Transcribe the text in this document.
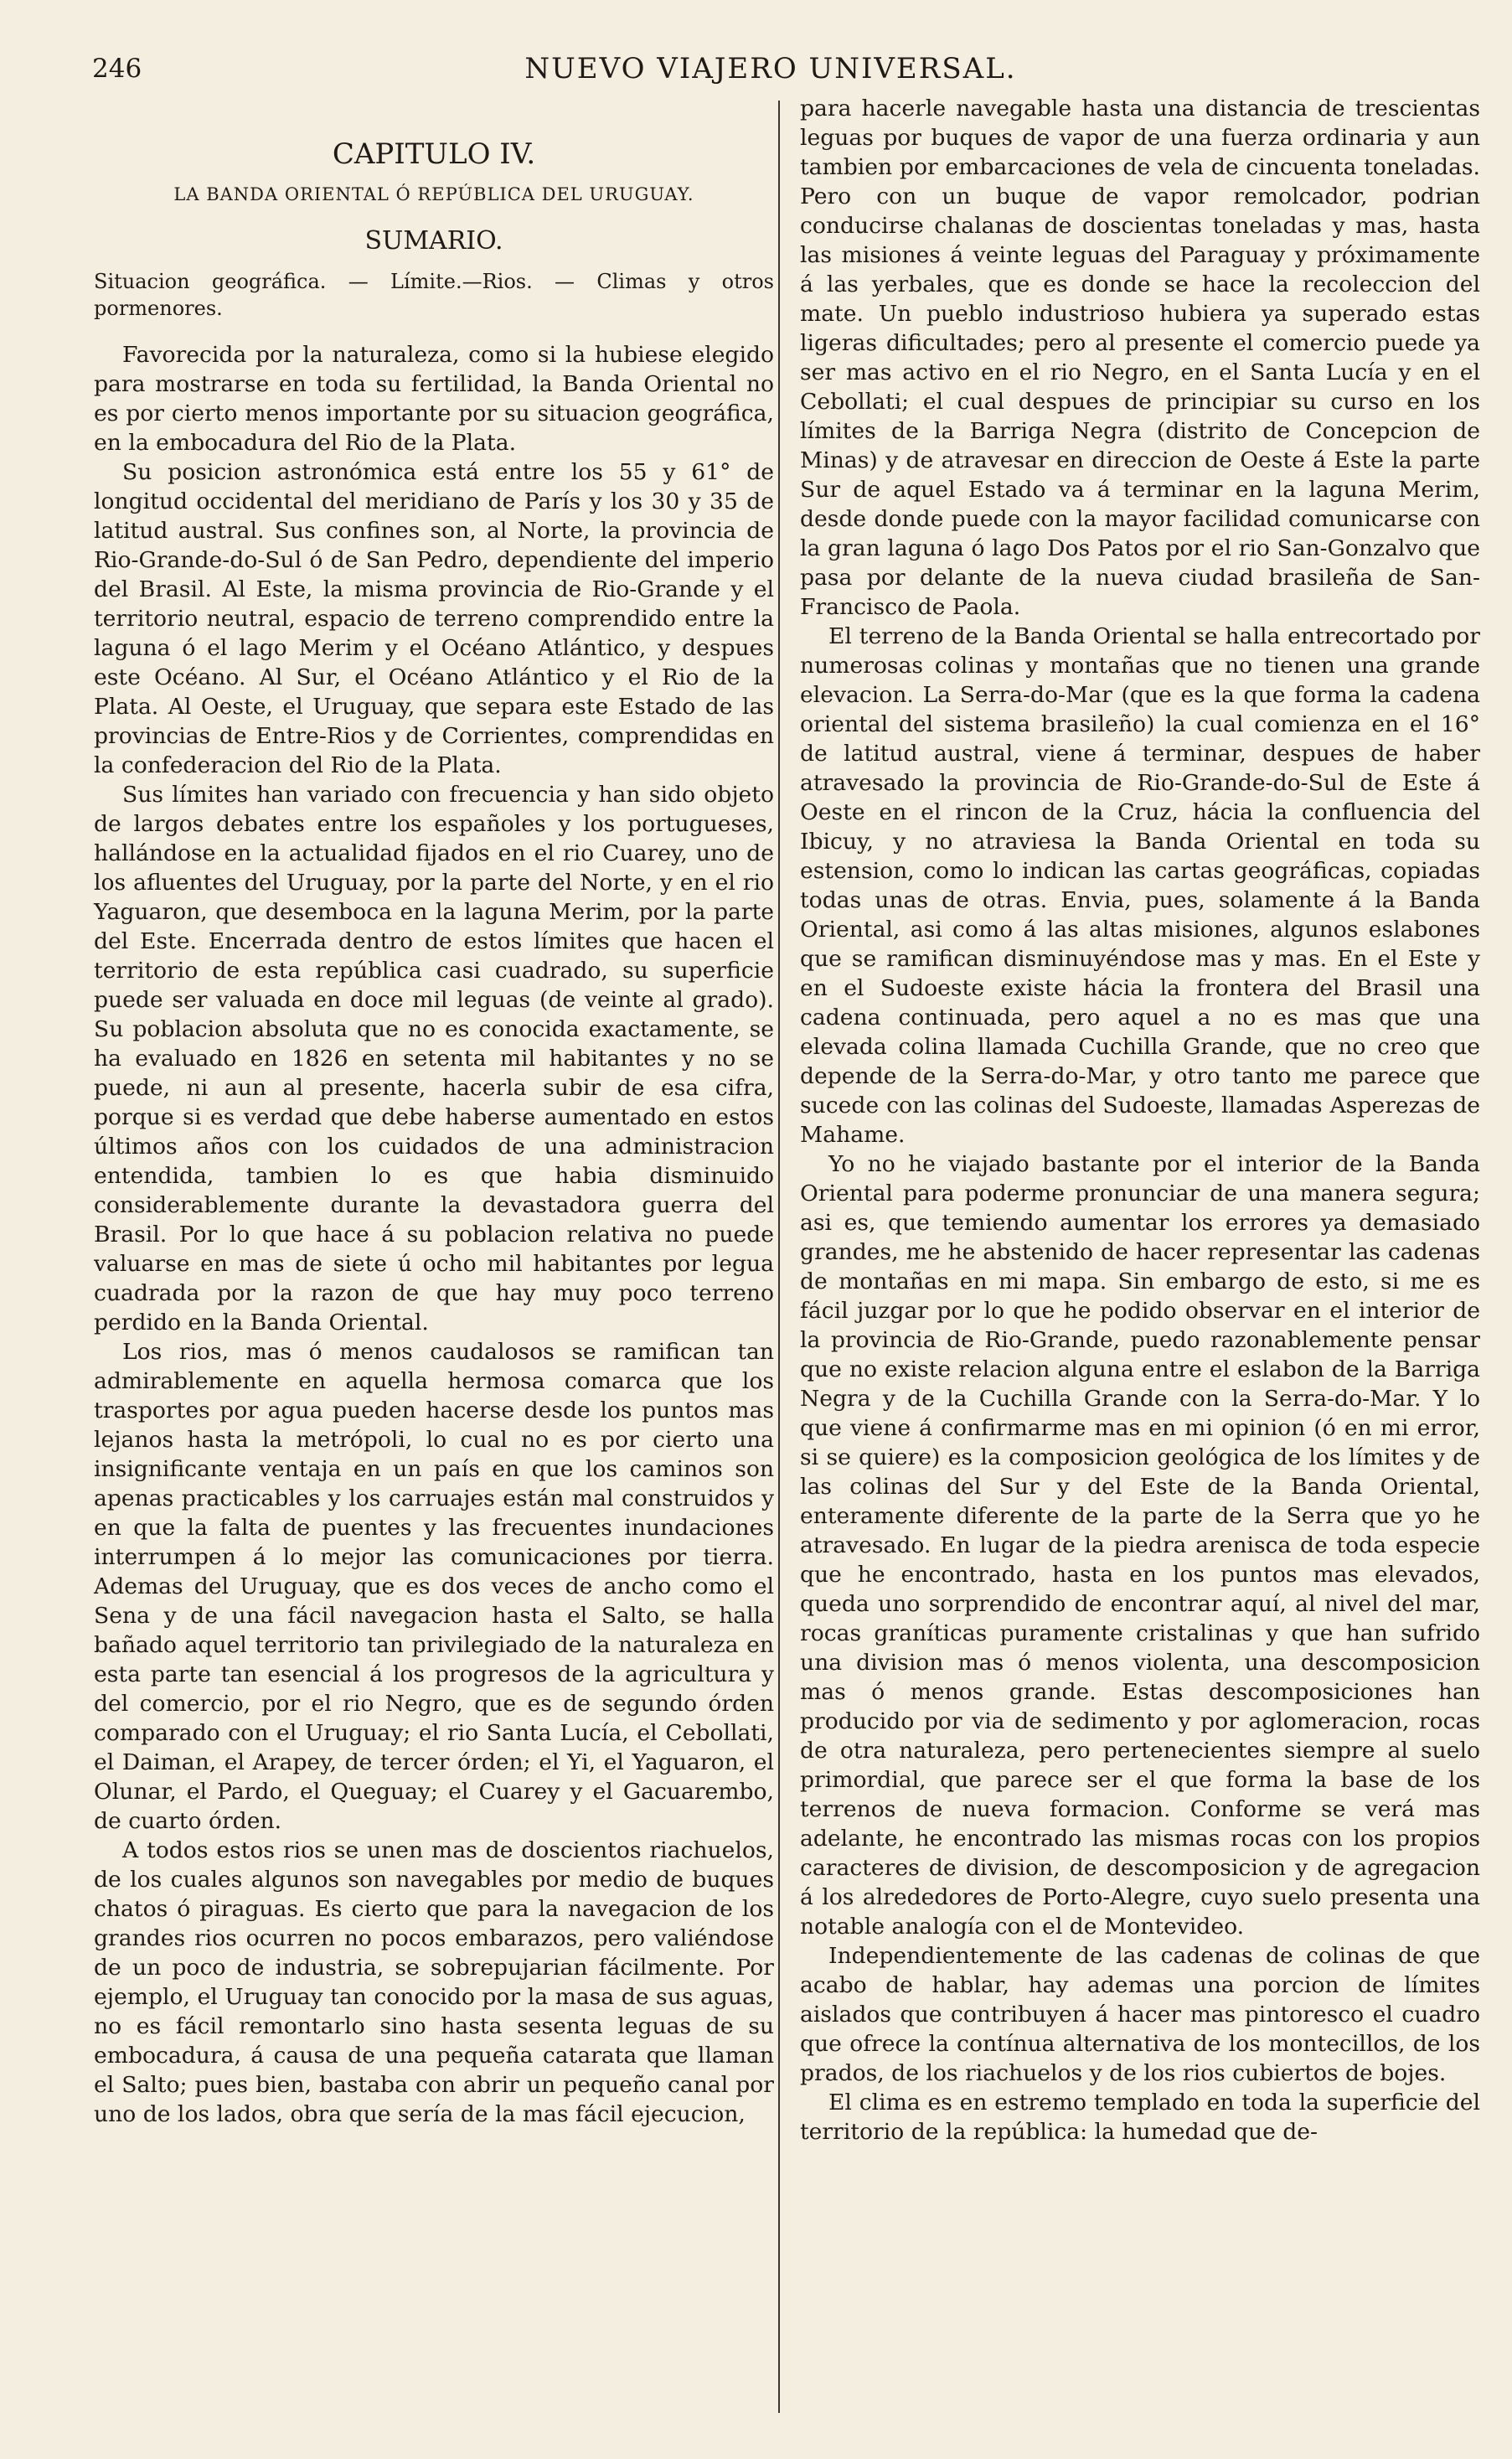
246	NUEVO VIAJERO UNIVERSAL.
CAPITULO IV.
LA BANDA ORIENTAL Ó REPÚBLICA DEL URUGUAY.
SUMARIO.
Situacion geográfica. — Límite.—Rios. — Climas y otros pormenores.

Favorecida por la naturaleza, como si la hubiese elegido para mostrarse en toda su fertilidad, la Banda Oriental no es por cierto menos importante por su situacion geográfica, en la embocadura del Rio de la Plata.

Su posicion astronómica está entre los 55 y 61° de longitud occidental del meridiano de París y los 30 y 35 de latitud austral. Sus confines son, al Norte, la provincia de Rio-Grande-do-Sul ó de San Pedro, dependiente del imperio del Brasil. Al Este, la misma provincia de Rio-Grande y el territorio neutral, espacio de terreno comprendido entre la laguna ó el lago Merim y el Océano Atlántico, y despues este Océano. Al Sur, el Océano Atlántico y el Rio de la Plata. Al Oeste, el Uruguay, que separa este Estado de las provincias de Entre-Rios y de Corrientes, comprendidas en la confederacion del Rio de la Plata.

Sus límites han variado con frecuencia y han sido objeto de largos debates entre los españoles y los portugueses, hallándose en la actualidad fijados en el rio Cuarey, uno de los afluentes del Uruguay, por la parte del Norte, y en el rio Yaguaron, que desemboca en la laguna Merim, por la parte del Este. Encerrada dentro de estos límites que hacen el territorio de esta república casi cuadrado, su superficie puede ser valuada en doce mil leguas (de veinte al grado). Su poblacion absoluta que no es conocida exactamente, se ha evaluado en 1826 en setenta mil habitantes y no se puede, ni aun al presente, hacerla subir de esa cifra, porque si es verdad que debe haberse aumentado en estos últimos años con los cuidados de una administracion entendida, tambien lo es que habia disminuido considerablemente durante la devastadora guerra del Brasil. Por lo que hace á su poblacion relativa no puede valuarse en mas de siete ú ocho mil habitantes por legua cuadrada por la razon de que hay muy poco terreno perdido en la Banda Oriental.

Los rios, mas ó menos caudalosos se ramifican tan admirablemente en aquella hermosa comarca que los trasportes por agua pueden hacerse desde los puntos mas lejanos hasta la metrópoli, lo cual no es por cierto una insignificante ventaja en un país en que los caminos son apenas practicables y los carruajes están mal construidos y en que la falta de puentes y las frecuentes inundaciones interrumpen á lo mejor las comunicaciones por tierra. Ademas del Uruguay, que es dos veces de ancho como el Sena y de una fácil navegacion hasta el Salto, se halla bañado aquel territorio tan privilegiado de la naturaleza en esta parte tan esencial á los progresos de la agricultura y del comercio, por el rio Negro, que es de segundo órden comparado con el Uruguay; el rio Santa Lucía, el Cebollati, el Daiman, el Arapey, de tercer órden; el Yi, el Yaguaron, el Olunar, el Pardo, el Queguay; el Cuarey y el Gacuarembo, de cuarto órden.

A todos estos rios se unen mas de doscientos riachuelos, de los cuales algunos son navegables por medio de buques chatos ó piraguas. Es cierto que para la navegacion de los grandes rios ocurren no pocos embarazos, pero valiéndose de un poco de industria, se sobrepujarian fácilmente. Por ejemplo, el Uruguay tan conocido por la masa de sus aguas, no es fácil remontarlo sino hasta sesenta leguas de su embocadura, á causa de una pequeña catarata que llaman el Salto; pues bien, bastaba con abrir un pequeño canal por uno de los lados, obra que sería de la mas fácil ejecucion,

para hacerle navegable hasta una distancia de trescientas leguas por buques de vapor de una fuerza ordinaria y aun tambien por embarcaciones de vela de cincuenta toneladas. Pero con un buque de vapor remolcador, podrian conducirse chalanas de doscientas toneladas y mas, hasta las misiones á veinte leguas del Paraguay y próximamente á las yerbales, que es donde se hace la recoleccion del mate. Un pueblo industrioso hubiera ya superado estas ligeras dificultades; pero al presente el comercio puede ya ser mas activo en el rio Negro, en el Santa Lucía y en el Cebollati; el cual despues de principiar su curso en los límites de la Barriga Negra (distrito de Concepcion de Minas) y de atravesar en direccion de Oeste á Este la parte Sur de aquel Estado va á terminar en la laguna Merim, desde donde puede con la mayor facilidad comunicarse con la gran laguna ó lago Dos Patos por el rio San-Gonzalvo que pasa por delante de la nueva ciudad brasileña de San-Francisco de Paola.

El terreno de la Banda Oriental se halla entrecortado por numerosas colinas y montañas que no tienen una grande elevacion. La Serra-do-Mar (que es la que forma la cadena oriental del sistema brasileño) la cual comienza en el 16° de latitud austral, viene á terminar, despues de haber atravesado la provincia de Rio-Grande-do-Sul de Este á Oeste en el rincon de la Cruz, hácia la confluencia del Ibicuy, y no atraviesa la Banda Oriental en toda su estension, como lo indican las cartas geográficas, copiadas todas unas de otras. Envia, pues, solamente á la Banda Oriental, asi como á las altas misiones, algunos eslabones que se ramifican disminuyéndose mas y mas. En el Este y en el Sudoeste existe hácia la frontera del Brasil una cadena continuada, pero aquel a no es mas que una elevada colina llamada Cuchilla Grande, que no creo que depende de la Serra-do-Mar, y otro tanto me parece que sucede con las colinas del Sudoeste, llamadas Asperezas de Mahame.

Yo no he viajado bastante por el interior de la Banda Oriental para poderme pronunciar de una manera segura; asi es, que temiendo aumentar los errores ya demasiado grandes, me he abstenido de hacer representar las cadenas de montañas en mi mapa. Sin embargo de esto, si me es fácil juzgar por lo que he podido observar en el interior de la provincia de Rio-Grande, puedo razonablemente pensar que no existe relacion alguna entre el eslabon de la Barriga Negra y de la Cuchilla Grande con la Serra-do-Mar. Y lo que viene á confirmarme mas en mi opinion (ó en mi error, si se quiere) es la composicion geológica de los límites y de las colinas del Sur y del Este de la Banda Oriental, enteramente diferente de la parte de la Serra que yo he atravesado. En lugar de la piedra arenisca de toda especie que he encontrado, hasta en los puntos mas elevados, queda uno sorprendido de encontrar aquí, al nivel del mar, rocas graníticas puramente cristalinas y que han sufrido una division mas ó menos violenta, una descomposicion mas ó menos grande. Estas descomposiciones han producido por via de sedimento y por aglomeracion, rocas de otra naturaleza, pero pertenecientes siempre al suelo primordial, que parece ser el que forma la base de los terrenos de nueva formacion. Conforme se verá mas adelante, he encontrado las mismas rocas con los propios caracteres de division, de descomposicion y de agregacion á los alrededores de Porto-Alegre, cuyo suelo presenta una notable analogía con el de Montevideo.

Independientemente de las cadenas de colinas de que acabo de hablar, hay ademas una porcion de límites aislados que contribuyen á hacer mas pintoresco el cuadro que ofrece la contínua alternativa de los montecillos, de los prados, de los riachuelos y de los rios cubiertos de bojes.

El clima es en estremo templado en toda la superficie del territorio de la república: la humedad que de-
